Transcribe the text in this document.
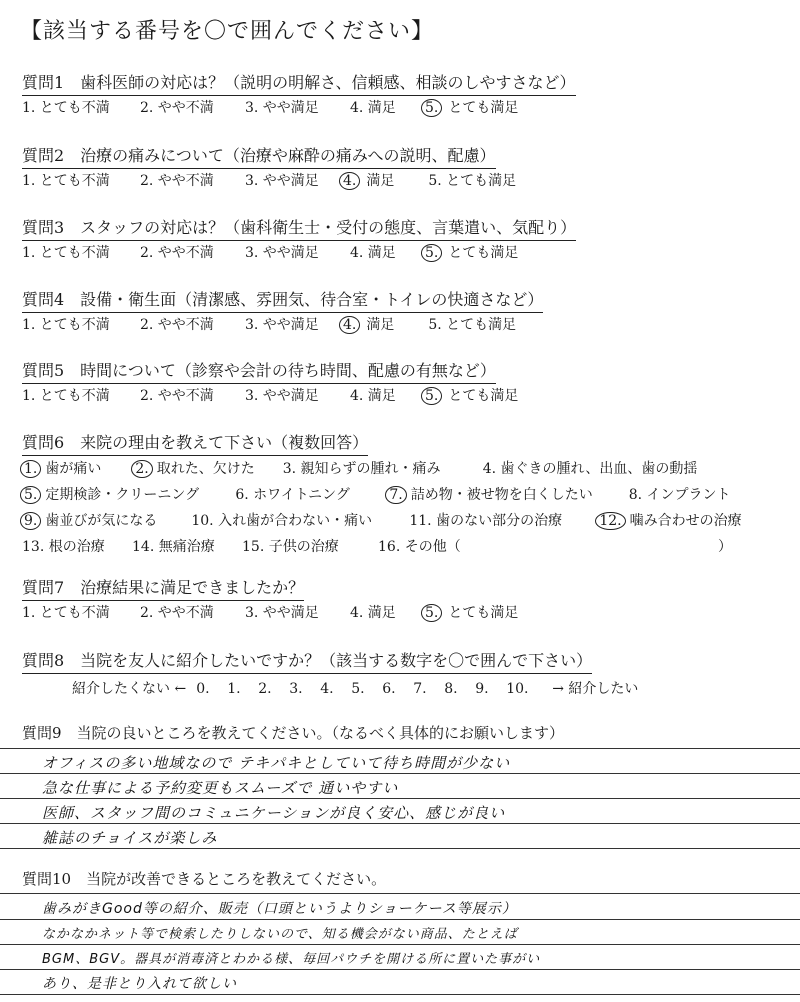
【該当する番号を〇で囲んでください】
質問1　歯科医師の対応は？（説明の明解さ、信頼感、相談のしやすさなど）
1. とても不満 2. やや不満 3. やや満足 4. 満足 5. とても満足
質問2　治療の痛みについて（治療や麻酔の痛みへの説明、配慮）
1. とても不満 2. やや不満 3. やや満足 4. 満足 5. とても満足
質問3　スタッフの対応は？（歯科衛生士・受付の態度、言葉遣い、気配り）
1. とても不満 2. やや不満 3. やや満足 4. 満足 5. とても満足
質問4　設備・衛生面（清潔感、雰囲気、待合室・トイレの快適さなど）
1. とても不満 2. やや不満 3. やや満足 4. 満足 5. とても満足
質問5　時間について（診察や会計の待ち時間、配慮の有無など）
1. とても不満 2. やや不満 3. やや満足 4. 満足 5. とても満足
質問6　来院の理由を教えて下さい（複数回答）
1. 歯が痛い 2. 取れた、欠けた 3. 親知らずの腫れ・痛み	4. 歯ぐきの腫れ、出血、歯の動揺
5. 定期検診・クリーニング	6. ホワイトニング	7. 詰め物・被せ物を白くしたい	8. インプラント
9. 歯並びが気になる 10. 入れ歯が合わない・痛い	11. 歯のない部分の治療	12. 噛み合わせの治療
13. 根の治療 14. 無痛治療 15. 子供の治療	16. その他（	）
質問7　治療結果に満足できましたか？
1. とても不満 2. やや不満 3. やや満足 4. 満足 5. とても満足
質問8　当院を友人に紹介したいですか？（該当する数字を〇で囲んで下さい）
紹介したくない ← 0. 1. 2. 3. 4. 5. 6. 7. 8. 9. 10. → 紹介したい
質問9　当院の良いところを教えてください。（なるべく具体的にお願いします）
オフィスの多い地域なので テキパキとしていて待ち時間が少ない
急な仕事による予約変更もスムーズで 通いやすい
医師、スタッフ間のコミュニケーションが良く安心、感じが良い
雑誌のチョイスが楽しみ
質問10　当院が改善できるところを教えてください。
歯みがきGood等の紹介、販売（口頭というよりショーケース等展示）
なかなかネット等で検索したりしないので、知る機会がない商品、たとえば
BGM、BGV。器具が消毒済とわかる様、毎回パウチを開ける所に置いた事がい
あり、是非とり入れて欲しい
